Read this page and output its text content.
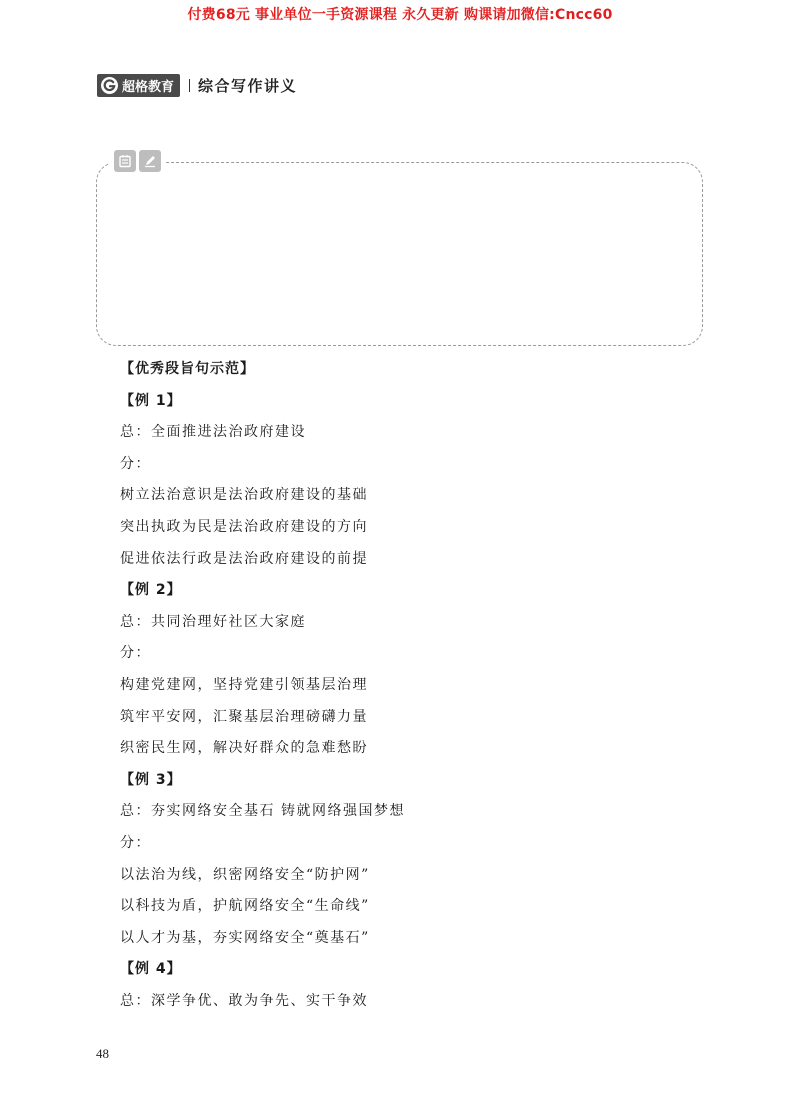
付费68元 事业单位一手资源课程 永久更新 购课请加微信:Cncc60
超格教育 综合写作讲义
【优秀段旨句示范】
【例 1】
总：全面推进法治政府建设
分：
树立法治意识是法治政府建设的基础
突出执政为民是法治政府建设的方向
促进依法行政是法治政府建设的前提
【例 2】
总：共同治理好社区大家庭
分：
构建党建网，坚持党建引领基层治理
筑牢平安网，汇聚基层治理磅礴力量
织密民生网，解决好群众的急难愁盼
【例 3】
总：夯实网络安全基石 铸就网络强国梦想
分：
以法治为线，织密网络安全“防护网”
以科技为盾，护航网络安全“生命线”
以人才为基，夯实网络安全“奠基石”
【例 4】
总：深学争优、敢为争先、实干争效
48
